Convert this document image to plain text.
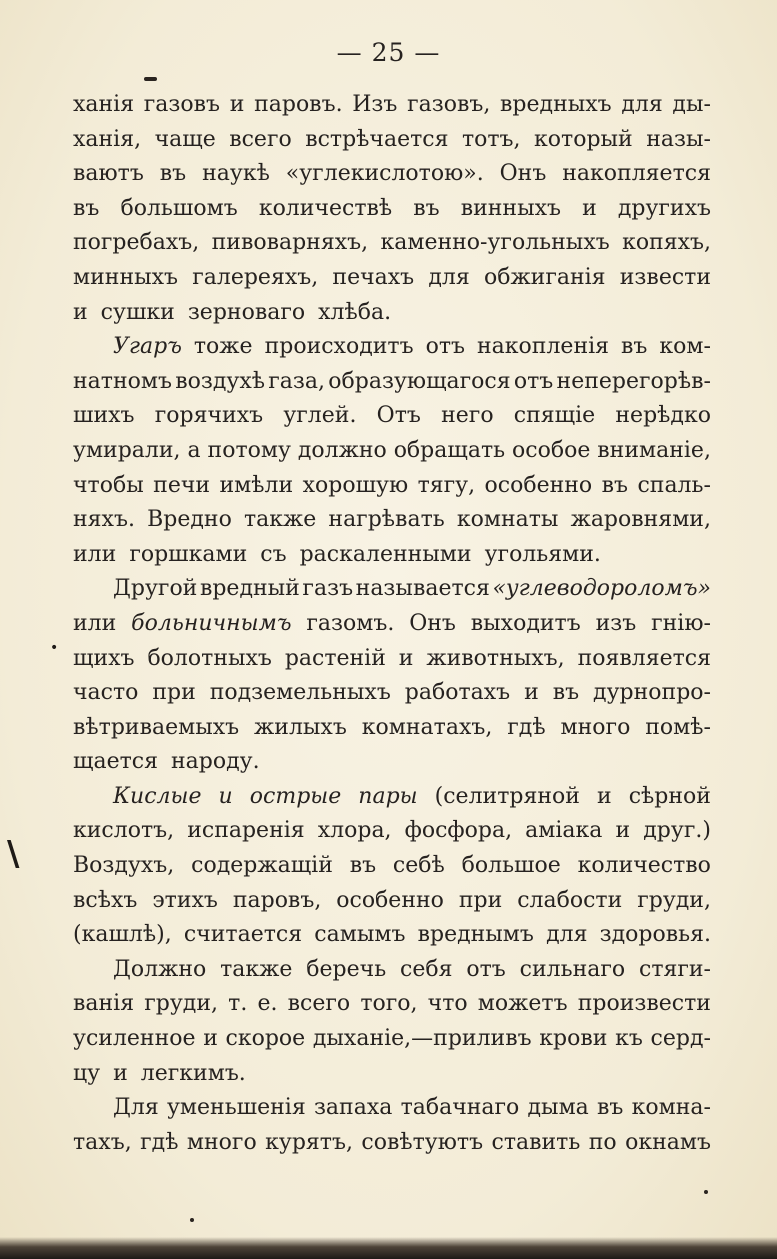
— 25 —
ханія газовъ и паровъ. Изъ газовъ, вредныхъ для ды-
ханія, чаще всего встрѣчается тотъ, который назы-
ваютъ въ наукѣ «углекислотою». Онъ накопляется
въ большомъ количествѣ въ винныхъ и другихъ
погребахъ, пивоварняхъ, каменно-угольныхъ копяхъ,
минныхъ галереяхъ, печахъ для обжиганія извести
и сушки зерноваго хлѣба.
Угаръ тоже происходитъ отъ накопленія въ ком-
натномъ воздухѣ газа, образующагося отъ неперегорѣв-
шихъ горячихъ углей. Отъ него спящіе нерѣдко
умирали, а потому должно обращать особое вниманіе,
чтобы печи имѣли хорошую тягу, особенно въ спаль-
няхъ. Вредно также нагрѣвать комнаты жаровнями,
или горшками съ раскаленными угольями.
Другой вредный газъ называется «углеводороломъ»
или больничнымъ газомъ. Онъ выходитъ изъ гнію-
щихъ болотныхъ растеній и животныхъ, появляется
часто при подземельныхъ работахъ и въ дурнопро-
вѣтриваемыхъ жилыхъ комнатахъ, гдѣ много помѣ-
щается народу.
Кислые и острые пары (селитряной и сѣрной
кислотъ, испаренія хлора, фосфора, аміака и друг.)
Воздухъ, содержащій въ себѣ большое количество
всѣхъ этихъ паровъ, особенно при слабости груди,
(кашлѣ), считается самымъ вреднымъ для здоровья.
Должно также беречь себя отъ сильнаго стяги-
ванія груди, т. е. всего того, что можетъ произвести
усиленное и скорое дыханіе,—приливъ крови къ серд-
цу и легкимъ.
Для уменьшенія запаха табачнаго дыма въ комна-
тахъ, гдѣ много курятъ, совѣтуютъ ставить по окнамъ
•
\
